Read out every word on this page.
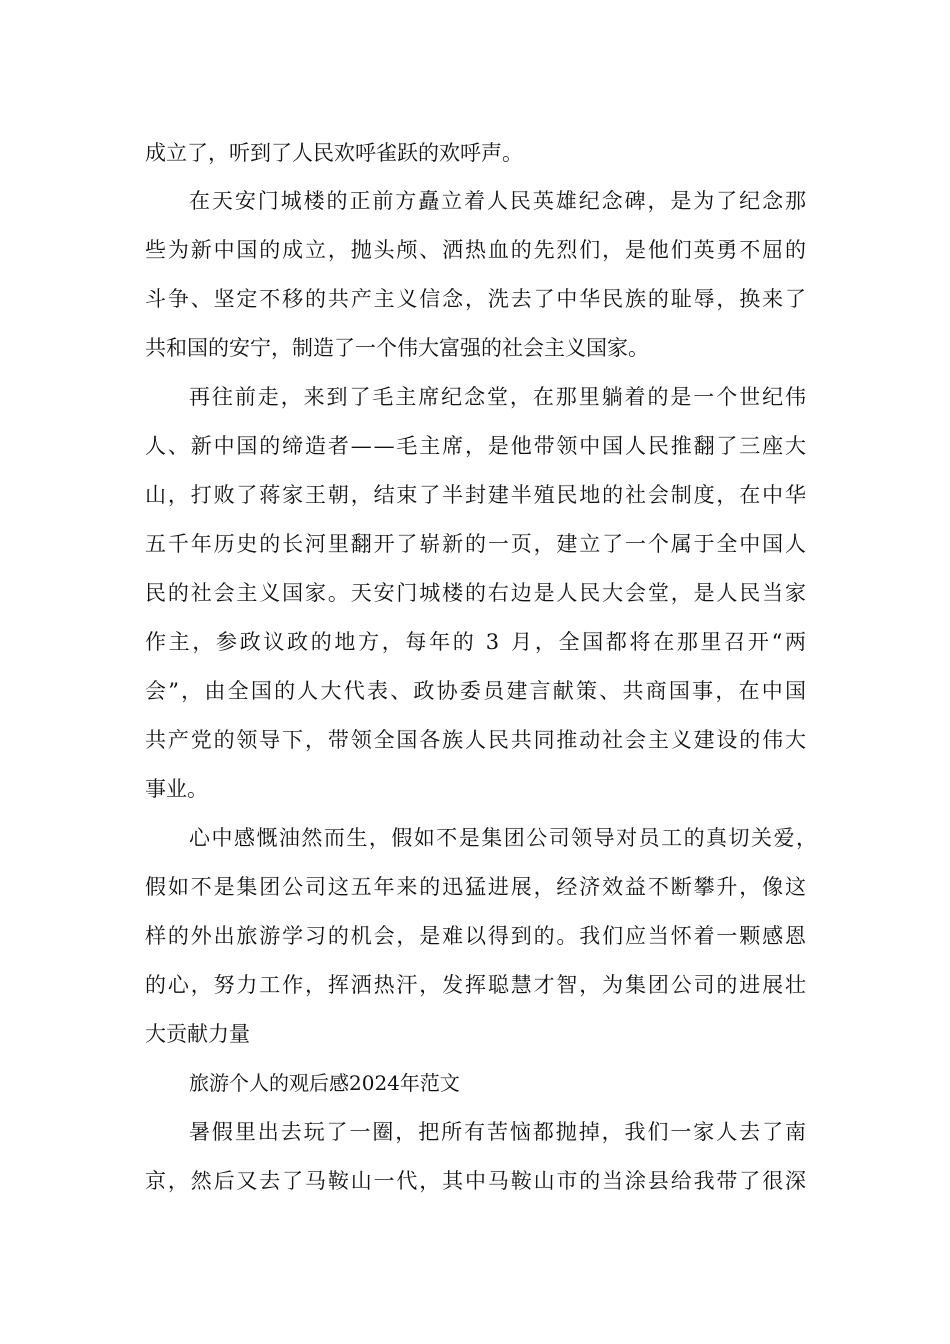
成立了，听到了人民欢呼雀跃的欢呼声。
在天安门城楼的正前方矗立着人民英雄纪念碑，是为了纪念那
些为新中国的成立，抛头颅、洒热血的先烈们，是他们英勇不屈的
斗争、坚定不移的共产主义信念，洗去了中华民族的耻辱，换来了
共和国的安宁，制造了一个伟大富强的社会主义国家。
再往前走，来到了毛主席纪念堂，在那里躺着的是一个世纪伟
人、新中国的缔造者——毛主席，是他带领中国人民推翻了三座大
山，打败了蒋家王朝，结束了半封建半殖民地的社会制度，在中华
五千年历史的长河里翻开了崭新的一页，建立了一个属于全中国人
民的社会主义国家。天安门城楼的右边是人民大会堂，是人民当家
作主，参政议政的地方，每年的 3 月，全国都将在那里召开“两
会”，由全国的人大代表、政协委员建言献策、共商国事，在中国
共产党的领导下，带领全国各族人民共同推动社会主义建设的伟大
事业。
心中感慨油然而生，假如不是集团公司领导对员工的真切关爱，
假如不是集团公司这五年来的迅猛进展，经济效益不断攀升，像这
样的外出旅游学习的机会，是难以得到的。我们应当怀着一颗感恩
的心，努力工作，挥洒热汗，发挥聪慧才智，为集团公司的进展壮
大贡献力量
旅游个人的观后感2024年范文
暑假里出去玩了一圈，把所有苦恼都抛掉，我们一家人去了南
京，然后又去了马鞍山一代，其中马鞍山市的当涂县给我带了很深
